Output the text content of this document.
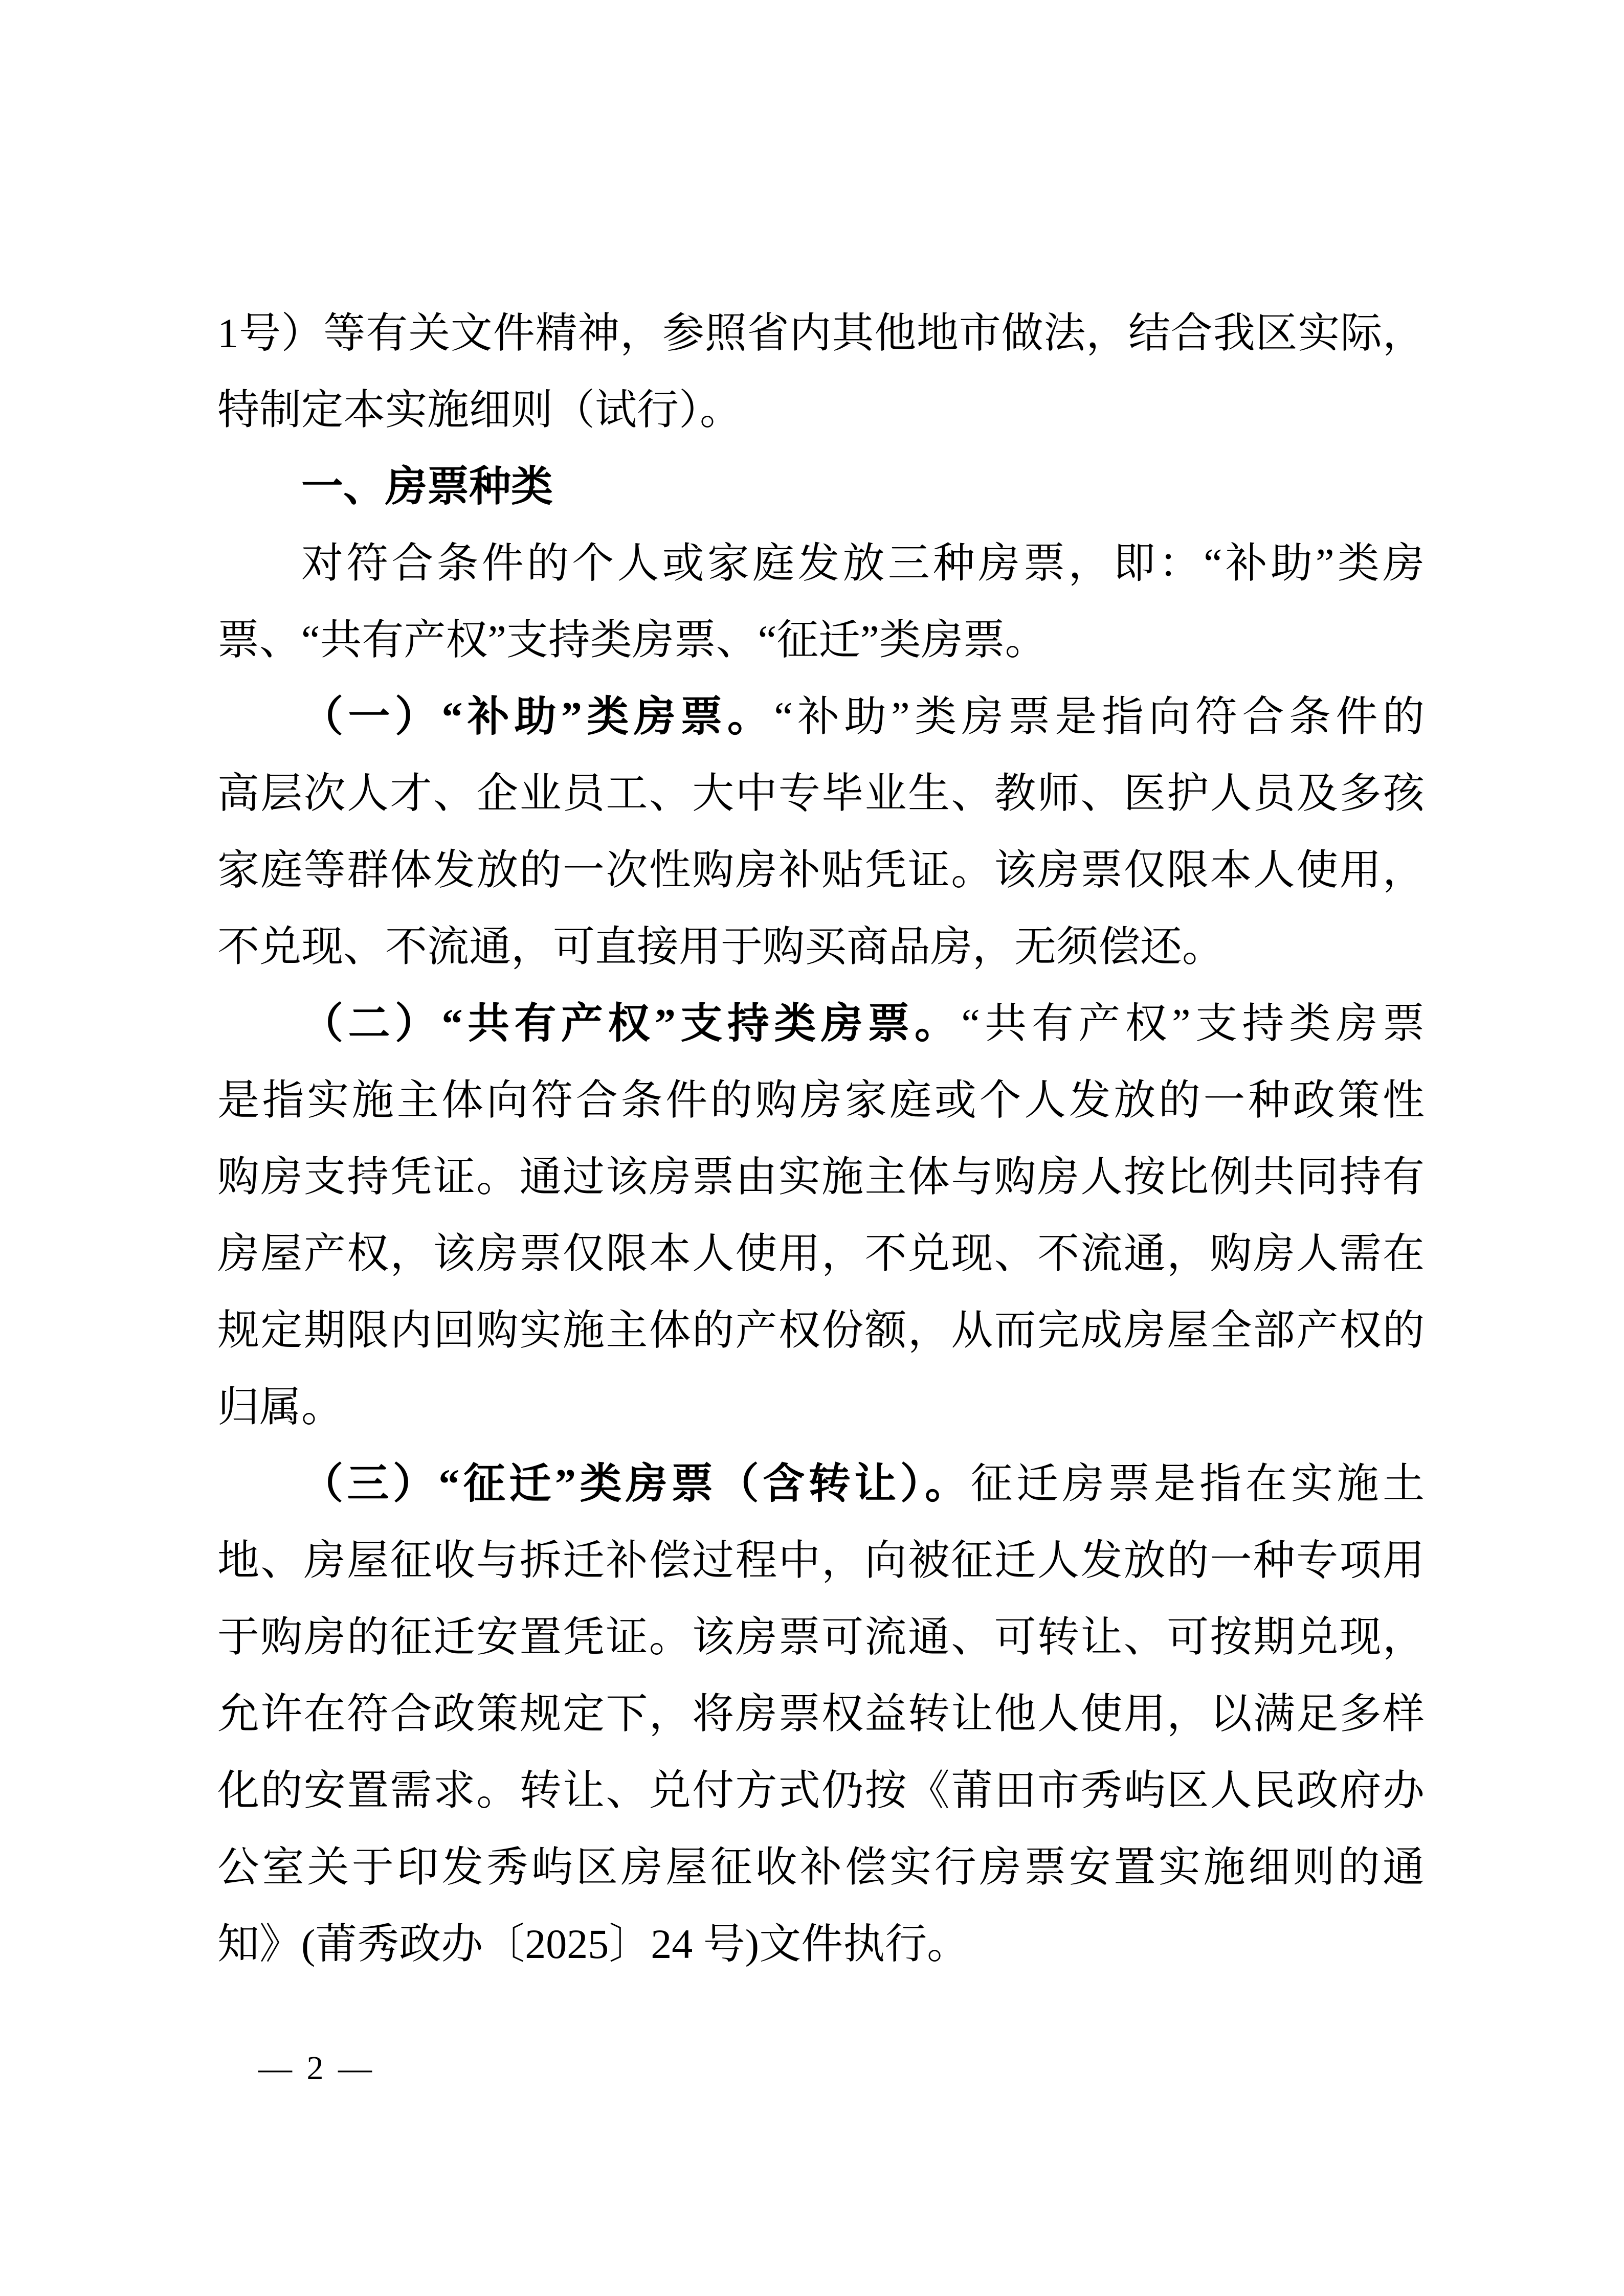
1号）等有关文件精神，参照省内其他地市做法，结合我区实际，
特制定本实施细则（试行）。
一、房票种类
对符合条件的个人或家庭发放三种房票，即：“补助”类房
票、“共有产权”支持类房票、“征迁”类房票。
（一）“补助”类房票。“补助”类房票是指向符合条件的
高层次人才、企业员工、大中专毕业生、教师、医护人员及多孩
家庭等群体发放的一次性购房补贴凭证。该房票仅限本人使用，
不兑现、不流通，可直接用于购买商品房，无须偿还。
（二）“共有产权”支持类房票。“共有产权”支持类房票
是指实施主体向符合条件的购房家庭或个人发放的一种政策性
购房支持凭证。通过该房票由实施主体与购房人按比例共同持有
房屋产权，该房票仅限本人使用，不兑现、不流通，购房人需在
规定期限内回购实施主体的产权份额，从而完成房屋全部产权的
归属。
（三）“征迁”类房票（含转让）。征迁房票是指在实施土
地、房屋征收与拆迁补偿过程中，向被征迁人发放的一种专项用
于购房的征迁安置凭证。该房票可流通、可转让、可按期兑现，
允许在符合政策规定下，将房票权益转让他人使用，以满足多样
化的安置需求。转让、兑付方式仍按《莆田市秀屿区人民政府办
公室关于印发秀屿区房屋征收补偿实行房票安置实施细则的通
知》(莆秀政办〔2025〕24 号)文件执行。
— 2 —
